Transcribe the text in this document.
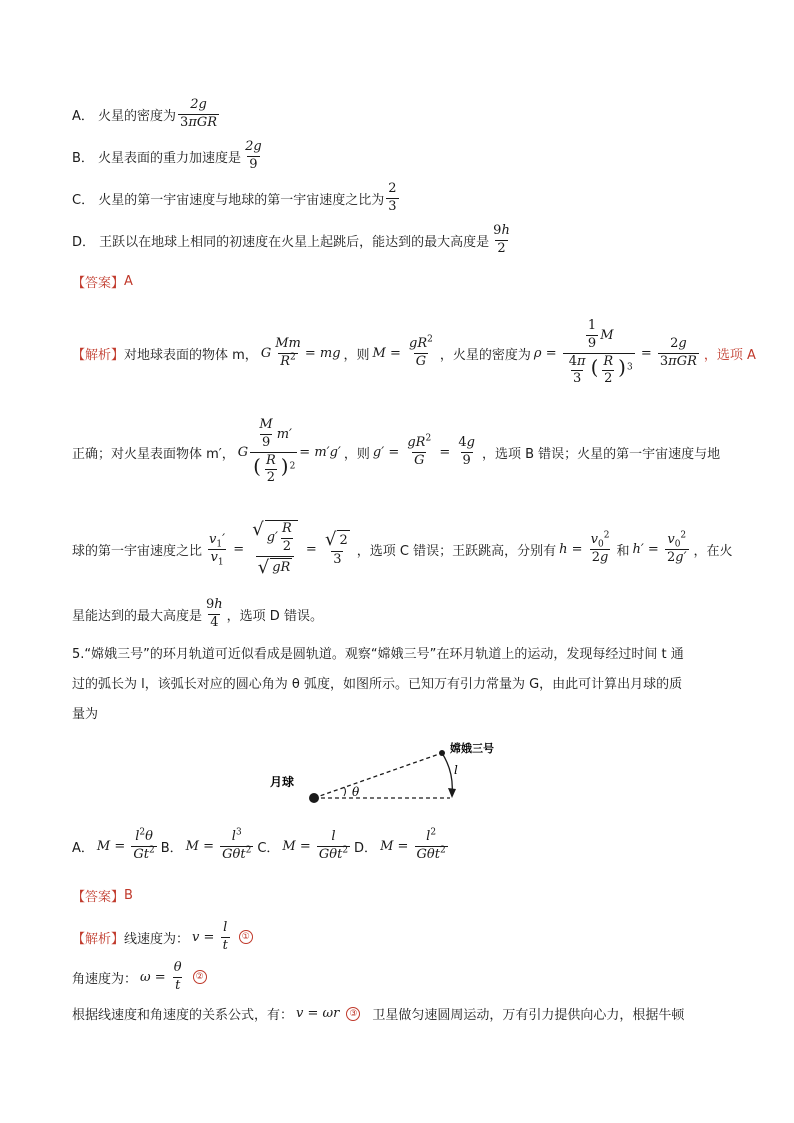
A． 火星的密度为 $\frac{2g}{\text{3πGR}}$
B． 火星表面的重力加速度是 $\frac{2g}{9}$
C． 火星的第一宇宙速度与地球的第一宇宙速度之比为 $\frac{2}{3}$
D． 王跃以在地球上相同的初速度在火星上起跳后，能达到的最大高度是 $\frac{9h}{2}$
【答案】 A
【解析】 对地球表面的物体 m， G $\frac{Mm}{R^2}$ = mg ，则 $M = \frac{gR^2}{G}$ ，火星的密度为 $\rho = \frac{\frac{1}{9} M}{\frac{4\pi}{3} ( \frac{R}{2} )^3} = \frac{2g}{\text{3πGR}}$ ，选项 A
正确；对火星表面物体 m′， G $\frac{\frac{M}{9} m'}{( \frac{R}{2} )^2} = m'g'$ ，则 $g' = \frac{gR^2}{G} = \frac{4g}{9}$ ，选项 B 错误；火星的第一宇宙速度与地
球的第一宇宙速度之比 $\frac{v_1'}{v_1} = \frac{√ g' \frac{R}{2}}{√ gR} = \frac{√ 2}{3}$ ，选项 C 错误；王跃跳高，分别有 $h = \frac{v_0^2}{2g}$ 和 $h' = \frac{v_0^2}{2g'}$ ，在火
星能达到的最大高度是 $\frac{9h}{4}$ ，选项 D 错误。
5.“嫦娥三号”的环月轨道可近似看成是圆轨道。观察“嫦娥三号”在环月轨道上的运动，发现每经过时间 t 通
过的弧长为 l，该弧长对应的圆心角为 θ 弧度，如图所示。已知万有引力常量为 G，由此可计算出月球的质
量为
月球
嫦娥三号
θ
l
A． $M = \frac{l^2\theta}{Gt^2}$ B． $M = \frac{l^3}{G\theta t^2}$ C． $M = \frac{l}{G\theta t^2}$ D． $M = \frac{l^2}{G\theta t^2}$
【答案】 B
【解析】 线速度为： $v = \frac{l}{t}$	①
角速度为： $\omega = \frac{\theta}{t}$	②
根据线速度和角速度的关系公式，有： v = ωr	③ 卫星做匀速圆周运动，万有引力提供向心力，根据牛顿
